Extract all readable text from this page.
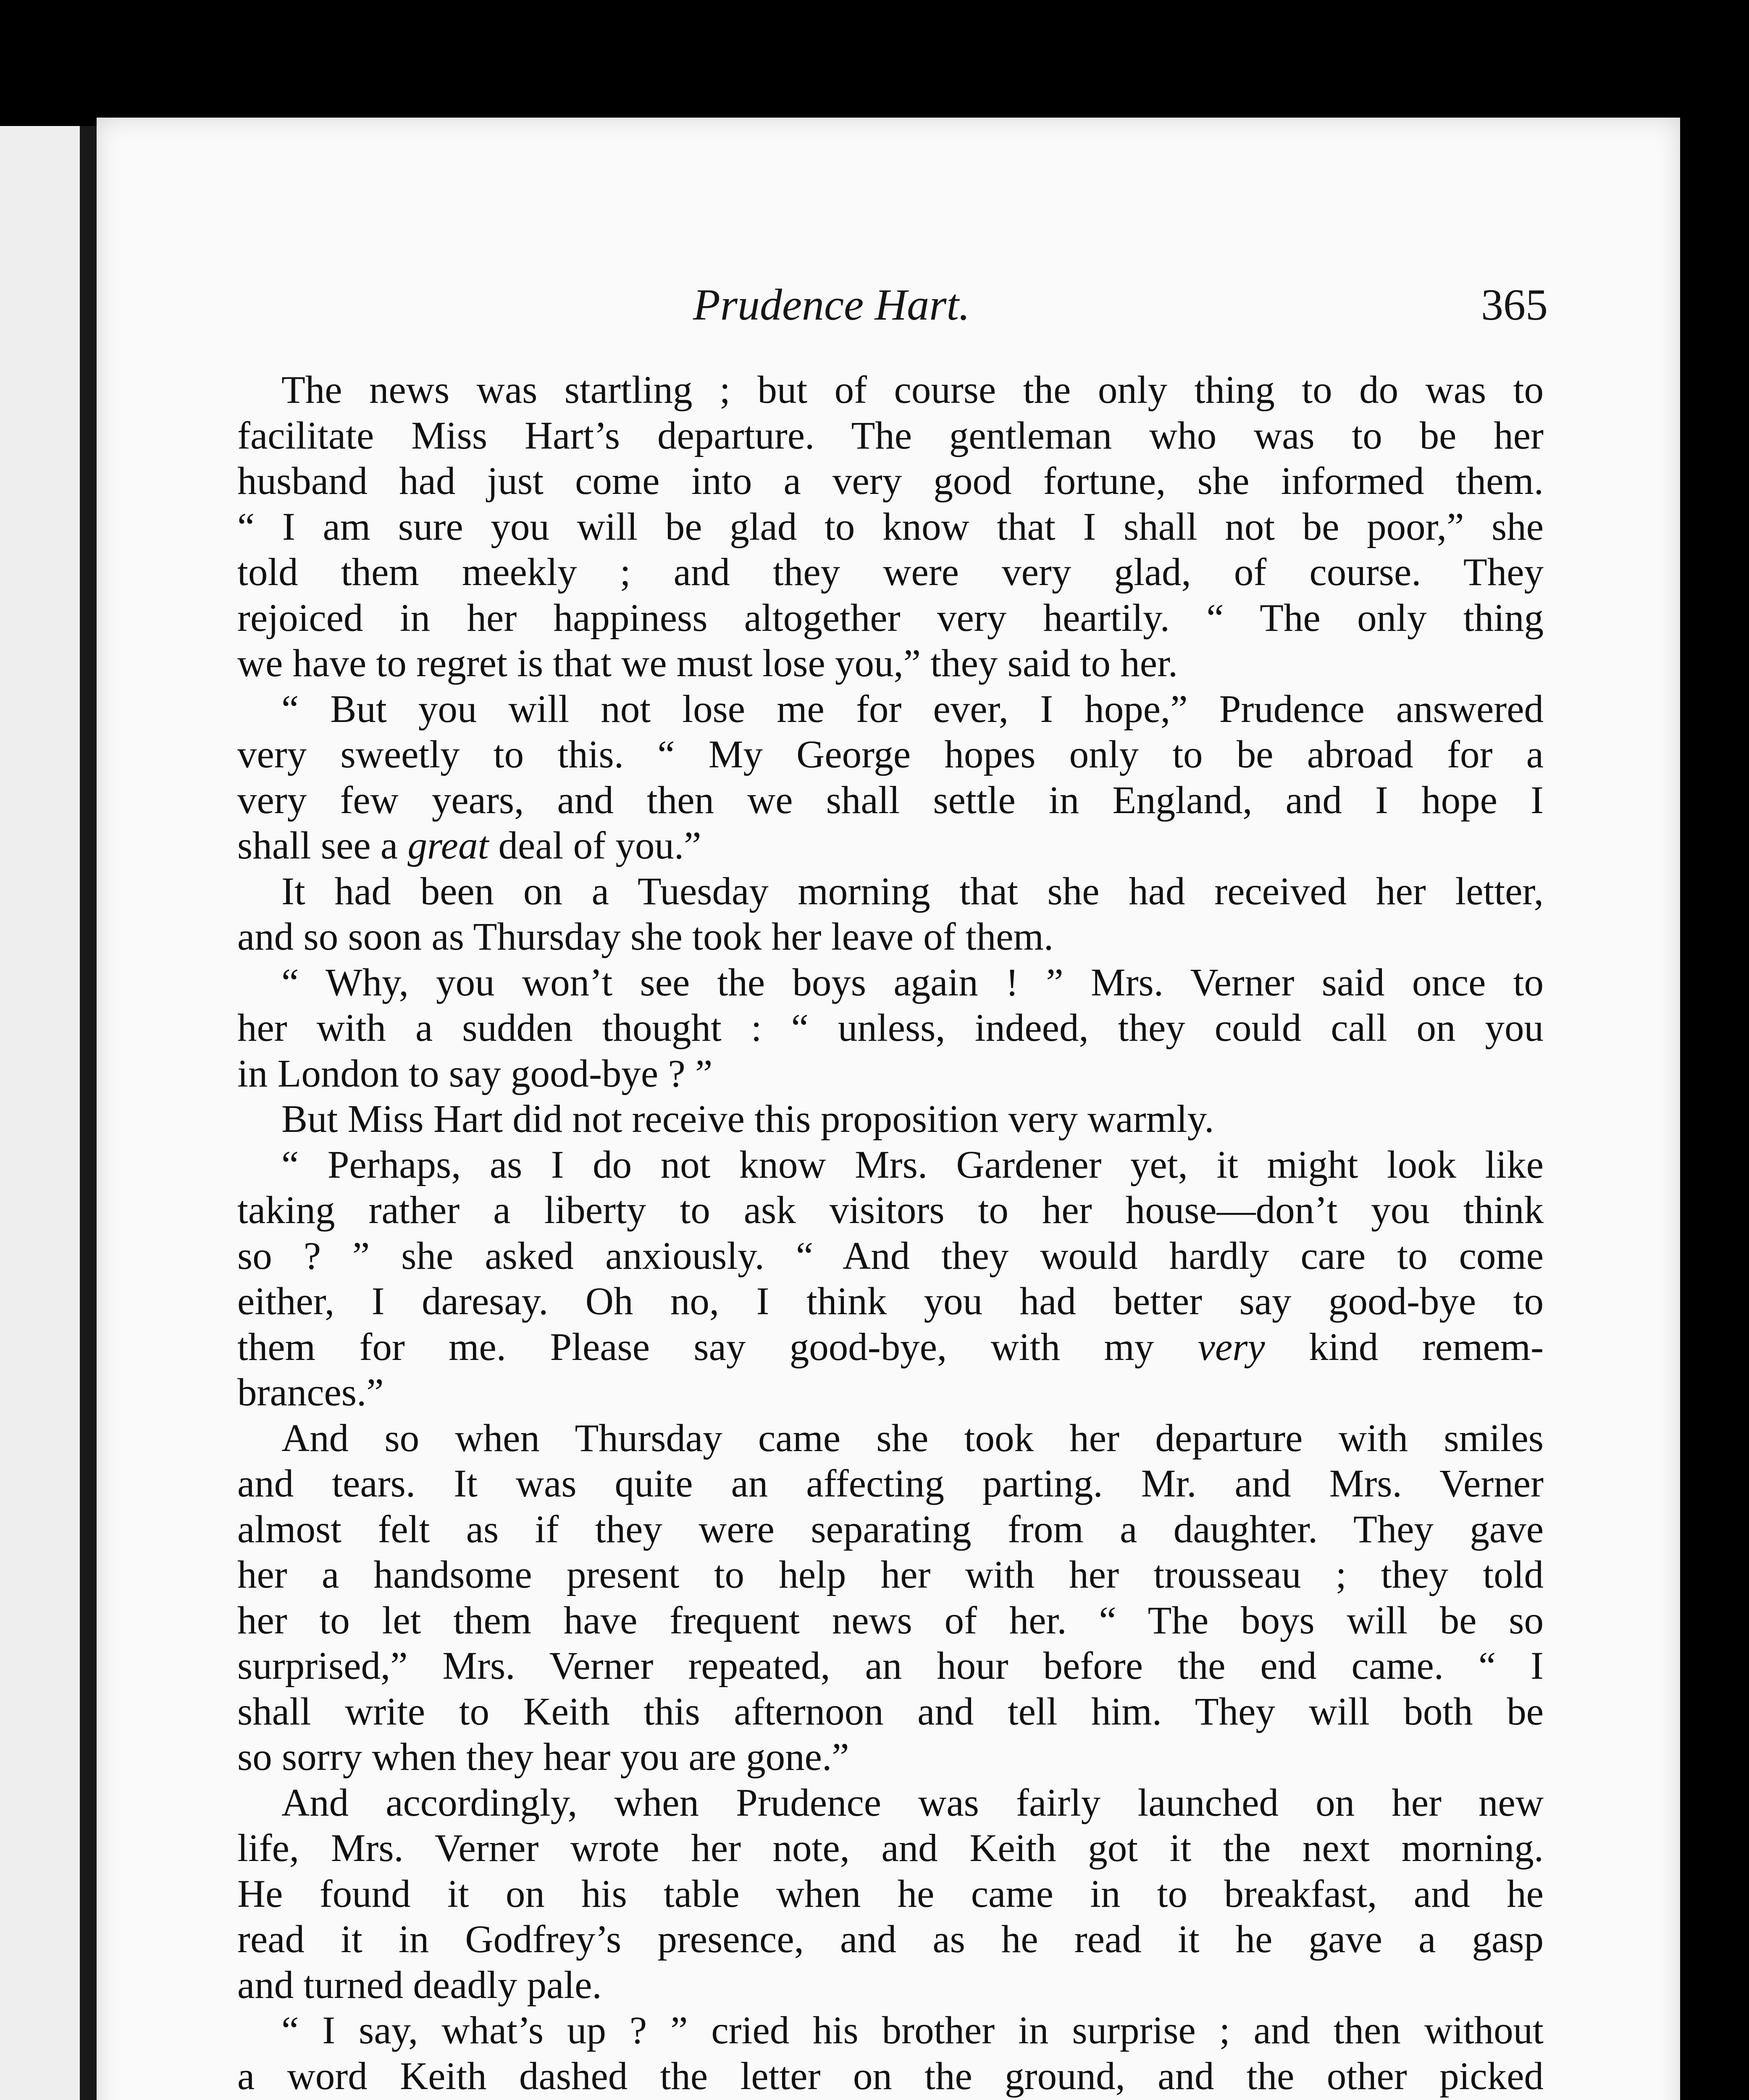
Prudence Hart.	365
The news was startling ; but of course the only thing to do was to
facilitate Miss Hart’s departure. The gentleman who was to be her
husband had just come into a very good fortune, she informed them.
“ I am sure you will be glad to know that I shall not be poor,” she
told them meekly ; and they were very glad, of course. They
rejoiced in her happiness altogether very heartily. “ The only thing
we have to regret is that we must lose you,” they said to her.
“ But you will not lose me for ever, I hope,” Prudence answered
very sweetly to this. “ My George hopes only to be abroad for a
very few years, and then we shall settle in England, and I hope I
shall see a great deal of you.”
It had been on a Tuesday morning that she had received her letter,
and so soon as Thursday she took her leave of them.
“ Why, you won’t see the boys again ! ” Mrs. Verner said once to
her with a sudden thought : “ unless, indeed, they could call on you
in London to say good-bye ? ”
But Miss Hart did not receive this proposition very warmly.
“ Perhaps, as I do not know Mrs. Gardener yet, it might look like
taking rather a liberty to ask visitors to her house—don’t you think
so ? ” she asked anxiously. “ And they would hardly care to come
either, I daresay. Oh no, I think you had better say good-bye to
them for me. Please say good-bye, with my very kind remem-
brances.”
And so when Thursday came she took her departure with smiles
and tears. It was quite an affecting parting. Mr. and Mrs. Verner
almost felt as if they were separating from a daughter. They gave
her a handsome present to help her with her trousseau ; they told
her to let them have frequent news of her. “ The boys will be so
surprised,” Mrs. Verner repeated, an hour before the end came. “ I
shall write to Keith this afternoon and tell him. They will both be
so sorry when they hear you are gone.”
And accordingly, when Prudence was fairly launched on her new
life, Mrs. Verner wrote her note, and Keith got it the next morning.
He found it on his table when he came in to breakfast, and he
read it in Godfrey’s presence, and as he read it he gave a gasp
and turned deadly pale.
“ I say, what’s up ? ” cried his brother in surprise ; and then without
a word Keith dashed the letter on the ground, and the other picked
